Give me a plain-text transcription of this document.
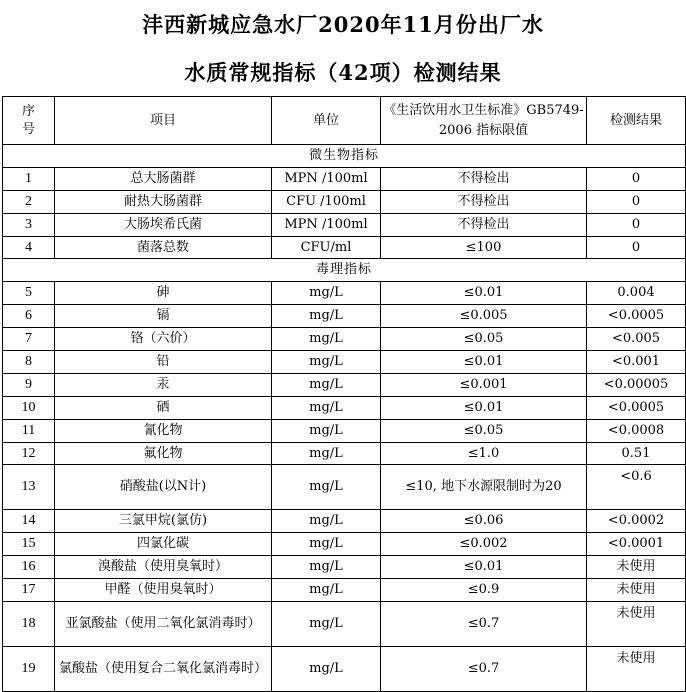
沣西新城应急水厂2020年11月份出厂水
水质常规指标（42项）检测结果
序
号	项目	单位	《生活饮用水卫生标准》GB5749-2006 指标限值	检测结果
微生物指标				
1	总大肠菌群	MPN /100ml	不得检出	0
2	耐热大肠菌群	CFU /100ml	不得检出	0
3	大肠埃希氏菌	MPN /100ml	不得检出	0
4	菌落总数	CFU/ml	≤100	0
毒理指标				
5	砷	mg/L	≤0.01	0.004
6	镉	mg/L	≤0.005	<0.0005
7	铬（六价）	mg/L	≤0.05	<0.005
8	铅	mg/L	≤0.01	<0.001
9	汞	mg/L	≤0.001	<0.00005
10	硒	mg/L	≤0.01	<0.0005
11	氰化物	mg/L	≤0.05	<0.0008
12	氟化物	mg/L	≤1.0	0.51
13	硝酸盐(以N计)	mg/L	≤10, 地下水源限制时为20	<0.6
14	三氯甲烷(氯仿)	mg/L	≤0.06	<0.0002
15	四氯化碳	mg/L	≤0.002	<0.0001
16	溴酸盐（使用臭氧时）	mg/L	≤0.01	未使用
17	甲醛（使用臭氧时）	mg/L	≤0.9	未使用
18	亚氯酸盐（使用二氧化氯消毒时）	mg/L	≤0.7	未使用
19	氯酸盐（使用复合二氧化氯消毒时）	mg/L	≤0.7	未使用
